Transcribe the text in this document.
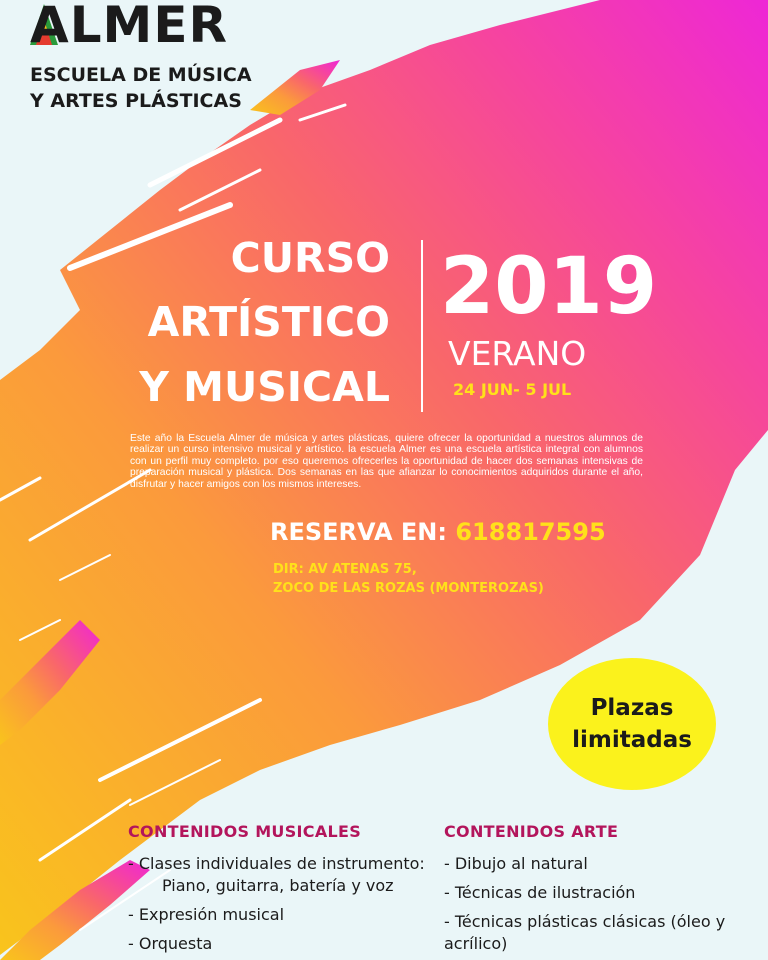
ALMER
ESCUELA DE MÚSICA
Y ARTES PLÁSTICAS
CURSO
ARTÍSTICO
Y MUSICAL
2019
VERANO
24 JUN- 5 JUL
Este año la Escuela Almer de música y artes plásticas, quiere ofrecer la oportunidad a nuestros alumnos de realizar un curso intensivo musical y artístico. la escuela Almer es una escuela artística integral con alumnos con un perfil muy completo. por eso queremos ofrecerles la oportunidad de hacer dos semanas intensivas de preparación musical y plástica. Dos semanas en las que afianzar lo conocimientos adquiridos durante el año, disfrutar y hacer amigos con los mismos intereses.
RESERVA EN: 618817595
DIR: AV ATENAS 75,
ZOCO DE LAS ROZAS (MONTEROZAS)
Plazas
limitadas
CONTENIDOS MUSICALES
- Clases individuales de instrumento:
Piano, guitarra, batería y voz
- Expresión musical
- Orquesta
CONTENIDOS ARTE
- Dibujo al natural
- Técnicas de ilustración
- Técnicas plásticas clásicas (óleo y acrílico)
